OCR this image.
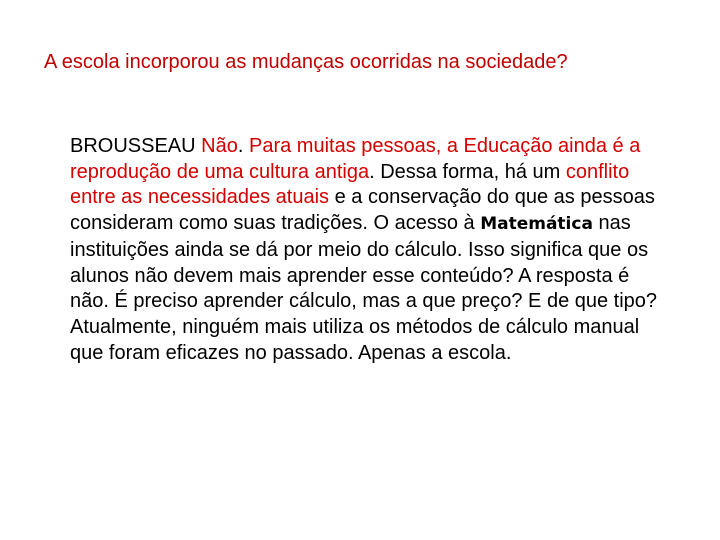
A escola incorporou as mudanças ocorridas na sociedade?
BROUSSEAU Não. Para muitas pessoas, a Educação ainda é a reprodução de uma cultura antiga. Dessa forma, há um conflito entre as necessidades atuais e a conservação do que as pessoas consideram como suas tradições. O acesso à Matemática nas instituições ainda se dá por meio do cálculo. Isso significa que os alunos não devem mais aprender esse conteúdo? A resposta é não. É preciso aprender cálculo, mas a que preço? E de que tipo? Atualmente, ninguém mais utiliza os métodos de cálculo manual que foram eficazes no passado. Apenas a escola.
